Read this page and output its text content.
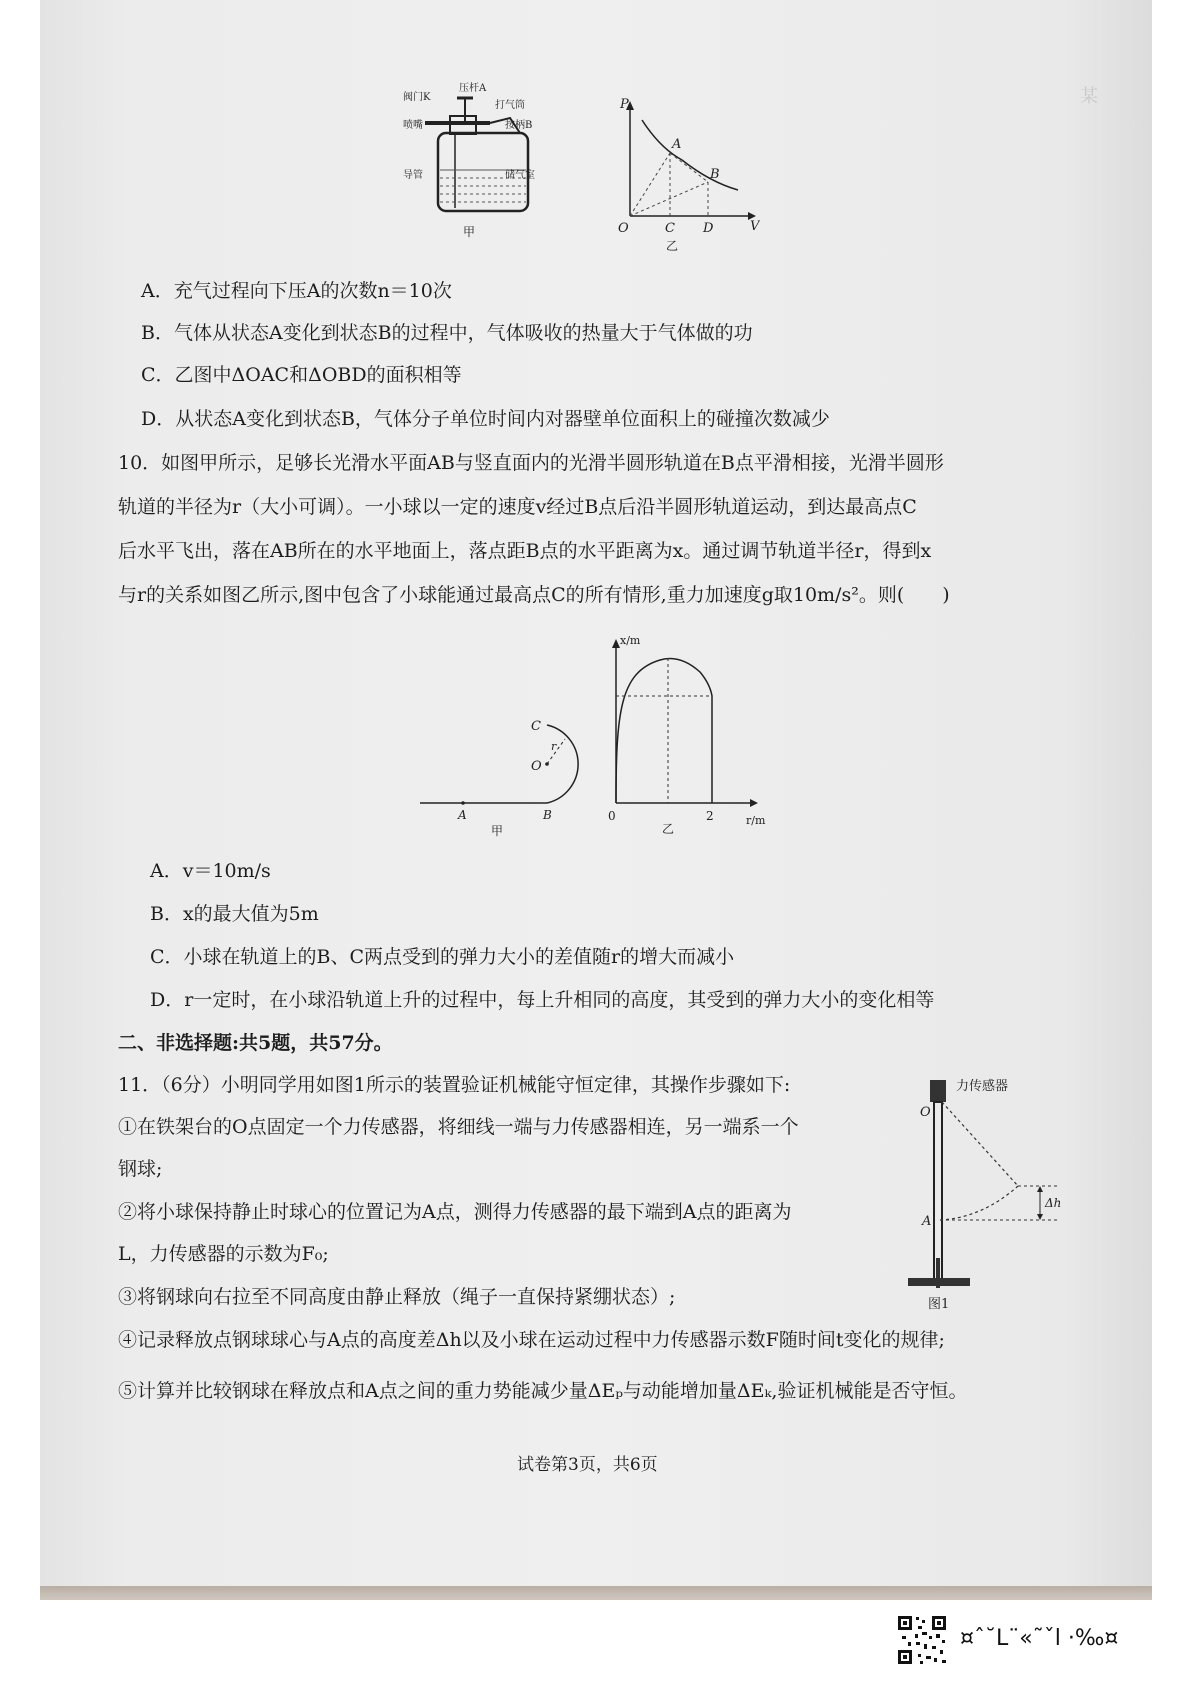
某
压杆A
阀门K
打气筒
喷嘴	按柄B
导管	储气室
甲
P
V
O
A
B
C D
乙
A．充气过程向下压A的次数n＝10次
B．气体从状态A变化到状态B的过程中，气体吸收的热量大于气体做的功
C．乙图中ΔOAC和ΔOBD的面积相等
D．从状态A变化到状态B，气体分子单位时间内对器壁单位面积上的碰撞次数减少
10．如图甲所示，足够长光滑水平面AB与竖直面内的光滑半圆形轨道在B点平滑相接，光滑半圆形
轨道的半径为r（大小可调）。一小球以一定的速度v经过B点后沿半圆形轨道运动，到达最高点C
后水平飞出，落在AB所在的水平地面上，落点距B点的水平距离为x。通过调节轨道半径r，得到x
与r的关系如图乙所示,图中包含了小球能通过最高点C的所有情形,重力加速度g取10m/s²。则(　　)
C
r
O
A	B
甲
x/m
r/m
0	2
乙
A．v＝10m/s
B．x的最大值为5m
C．小球在轨道上的B、C两点受到的弹力大小的差值随r的增大而减小
D．r一定时，在小球沿轨道上升的过程中，每上升相同的高度，其受到的弹力大小的变化相等
二、非选择题:共5题，共57分。
11．（6分）小明同学用如图1所示的装置验证机械能守恒定律，其操作步骤如下:
①在铁架台的O点固定一个力传感器，将细线一端与力传感器相连，另一端系一个
钢球;
②将小球保持静止时球心的位置记为A点，测得力传感器的最下端到A点的距离为
L，力传感器的示数为F₀;
③将钢球向右拉至不同高度由静止释放（绳子一直保持紧绷状态）;
④记录释放点钢球球心与A点的高度差Δh以及小球在运动过程中力传感器示数F随时间t变化的规律;
⑤计算并比较钢球在释放点和A点之间的重力势能减少量ΔEₚ与动能增加量ΔEₖ,验证机械能是否守恒。
力传感器
O
A
Δh
图1
试卷第3页，共6页
¤ˆ˘L¨«˜ˇl ·‰¤
